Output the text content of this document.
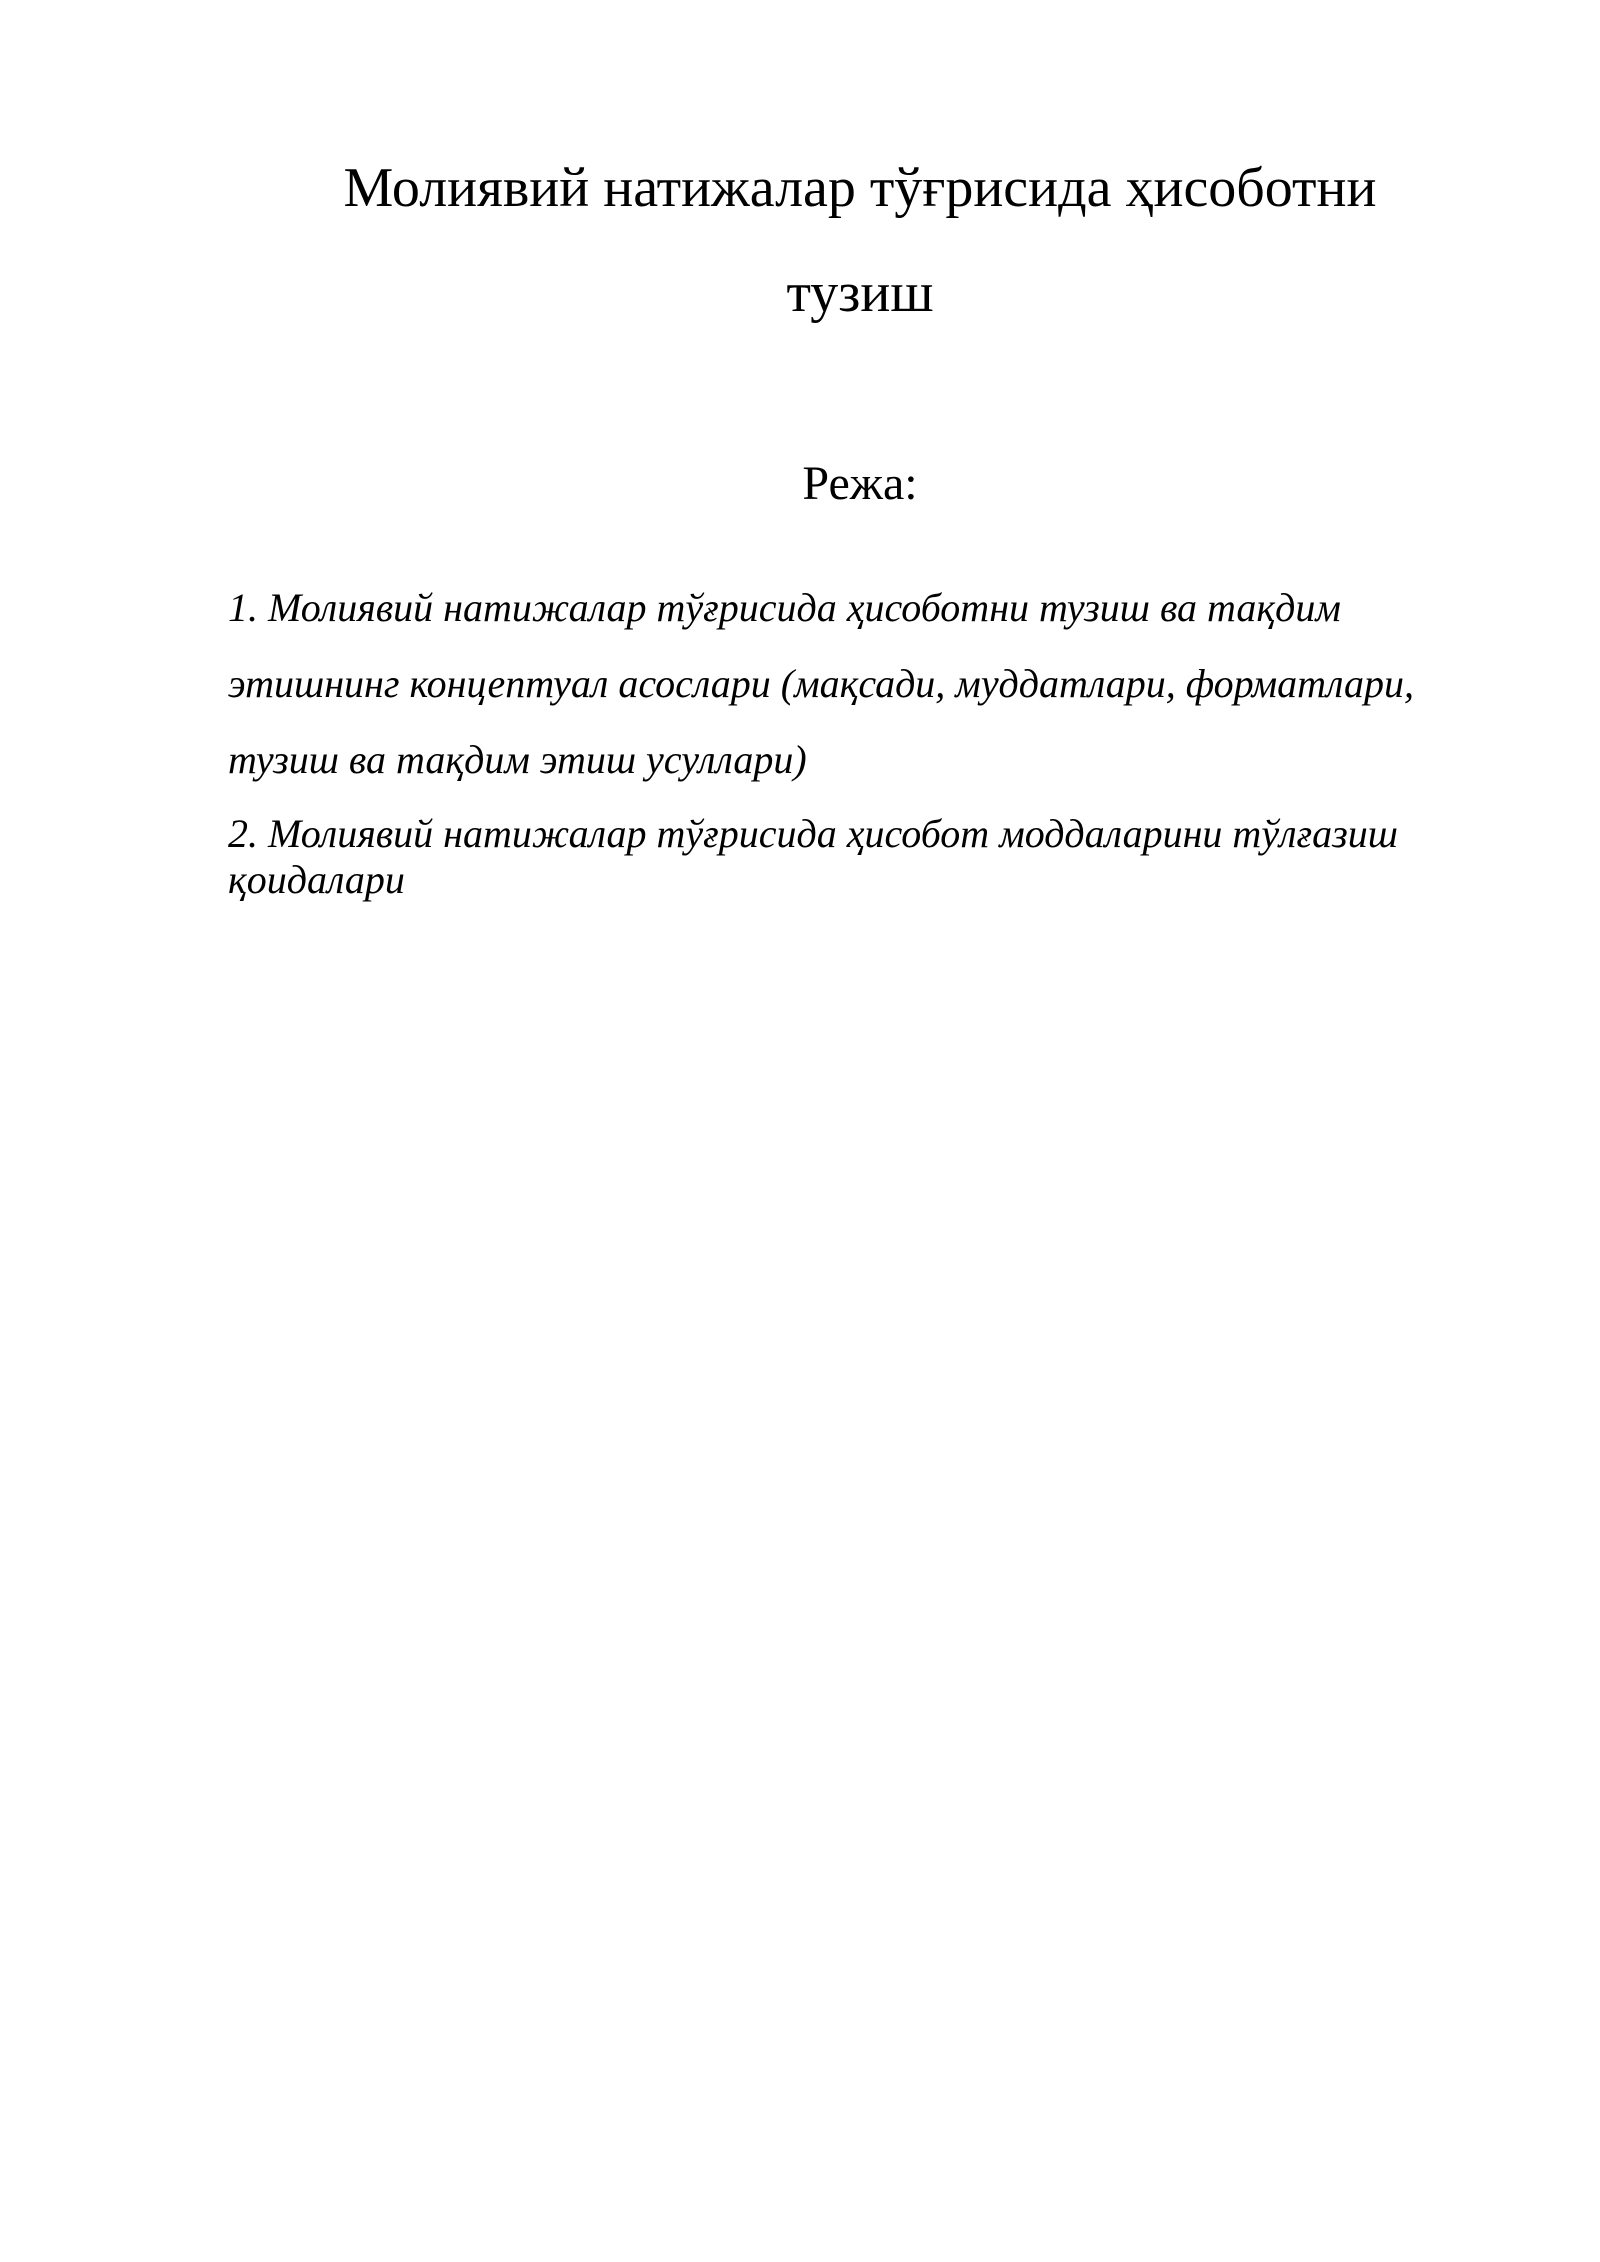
Молиявий натижалар тўғрисида ҳисоботни
тузиш
Режа:
1. Молиявий натижалар тўғрисида ҳисоботни тузиш ва тақдим этишнинг концептуал асослари (мақсади, муддатлари, форматлари, тузиш ва тақдим этиш усуллари)
2. Молиявий натижалар тўғрисида ҳисобот моддаларини тўлғазиш қоидалари
